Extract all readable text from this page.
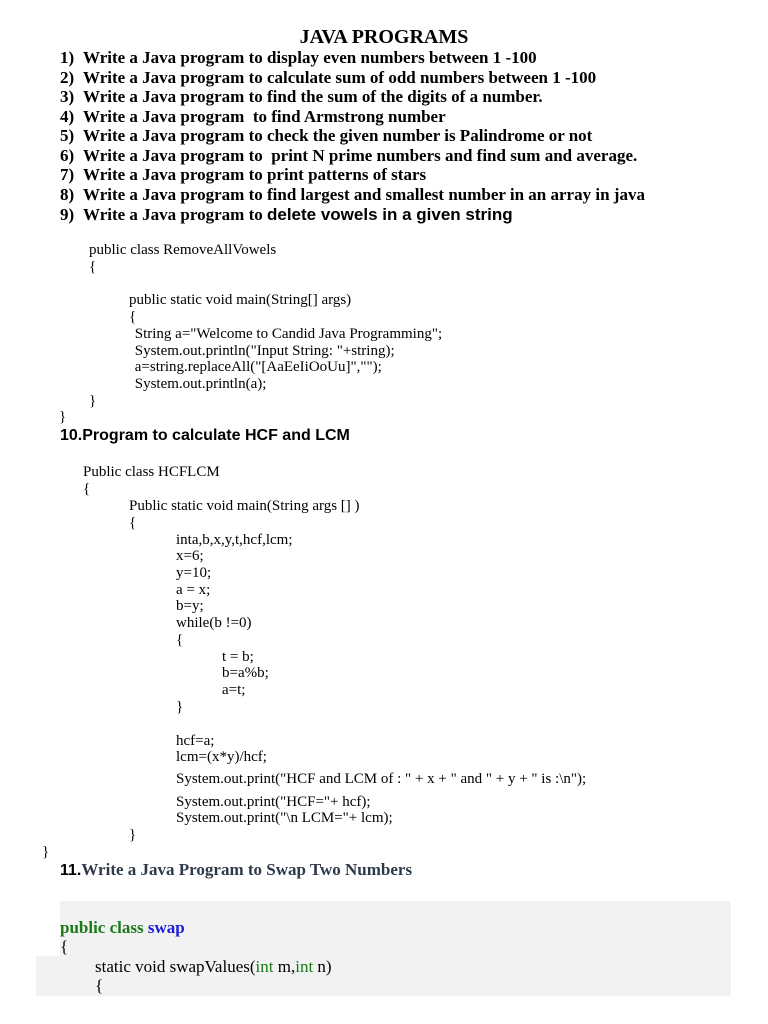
JAVA PROGRAMS
1) Write a Java program to display even numbers between 1 -100
2) Write a Java program to calculate sum of odd numbers between 1 -100
3) Write a Java program to find the sum of the digits of a number.
4) Write a Java program  to find Armstrong number
5) Write a Java program to check the given number is Palindrome or not
6) Write a Java program to  print N prime numbers and find sum and average.
7) Write a Java program to print patterns of stars
8) Write a Java program to find largest and smallest number in an array in java
9) Write a Java program to delete vowels in a given string
public class RemoveAllVowels
{
public static void main(String[] args)
{
String a="Welcome to Candid Java Programming";
System.out.println("Input String: "+string);
a=string.replaceAll("[AaEeIiOoUu]","");
System.out.println(a);
}
}
10.Program to calculate HCF and LCM
Public class HCFLCM
{
Public static void main(String args [] )
{
inta,b,x,y,t,hcf,lcm;
x=6;
y=10;
a = x;
b=y;
while(b !=0)
{
t = b;
b=a%b;
a=t;
}
hcf=a;
lcm=(x*y)/hcf;
System.out.print("HCF and LCM of : " + x + " and " + y + " is :\n");
System.out.print("HCF="+ hcf);
System.out.print("\n LCM="+ lcm);
}
}
11.Write a Java Program to Swap Two Numbers
public class swap
{
static void swapValues(int m,int n)
{
